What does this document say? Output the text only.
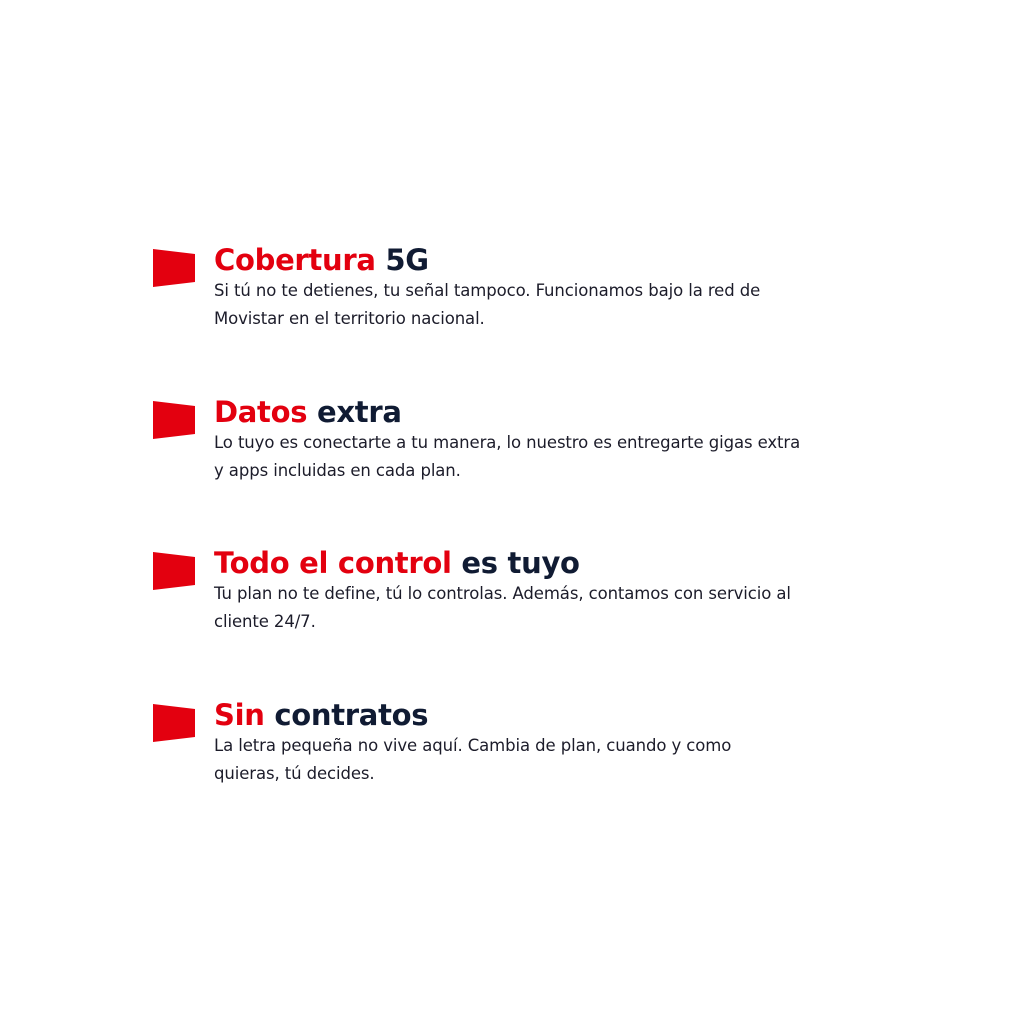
Cobertura 5G

Si tú no te detienes, tu señal tampoco. Funcionamos bajo la red de
Movistar en el territorio nacional.

Datos extra

Lo tuyo es conectarte a tu manera, lo nuestro es entregarte gigas extra
y apps incluidas en cada plan.

Todo el control es tuyo

Tu plan no te define, tú lo controlas. Además, contamos con servicio al
cliente 24/7.

Sin contratos

La letra pequeña no vive aquí. Cambia de plan, cuando y como
quieras, tú decides.
